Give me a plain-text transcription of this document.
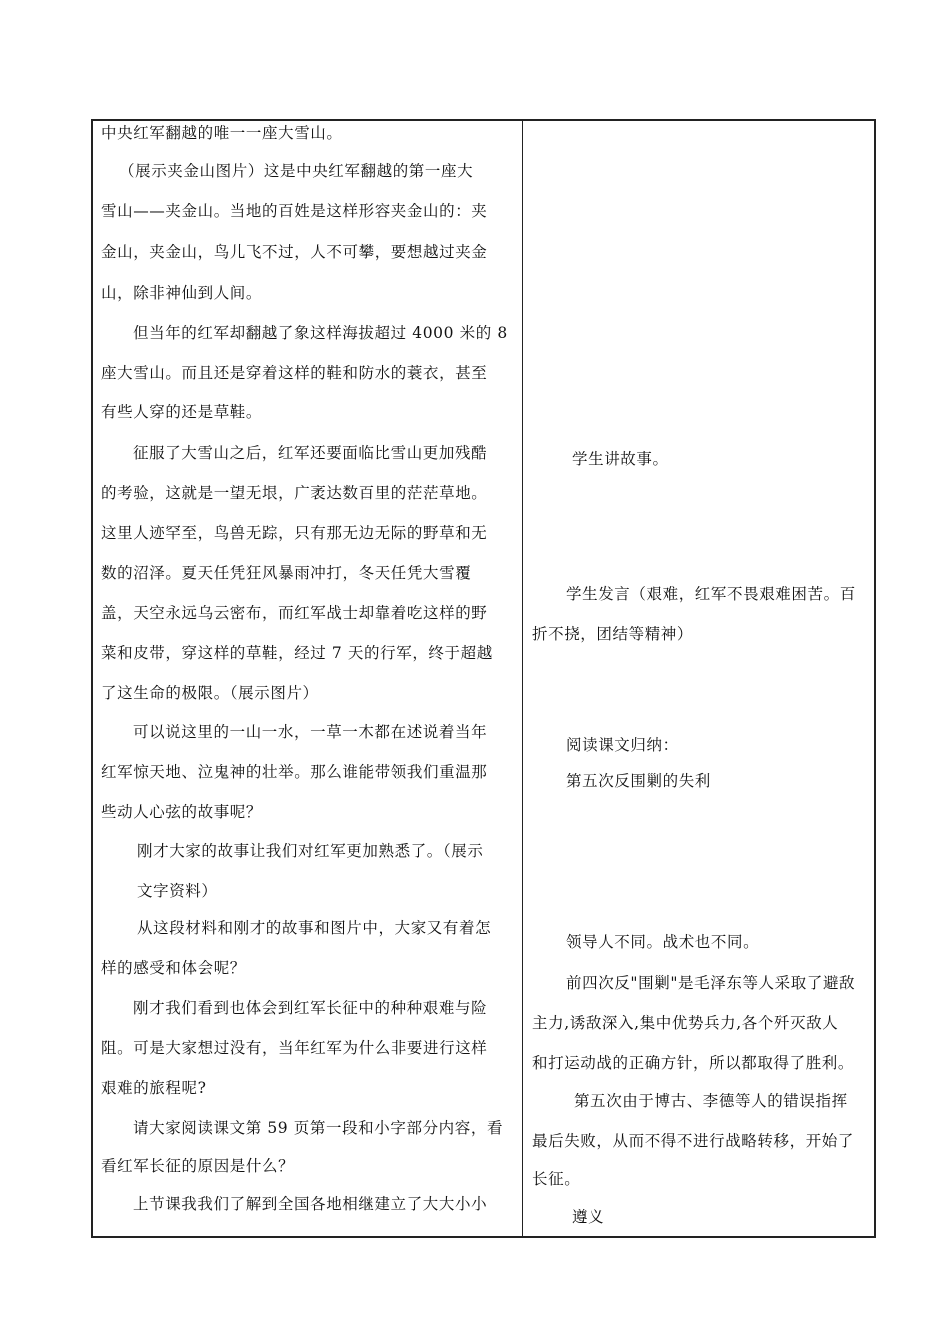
中央红军翻越的唯一一座大雪山。
（展示夹金山图片）这是中央红军翻越的第一座大
雪山——夹金山。当地的百姓是这样形容夹金山的：夹
金山，夹金山，鸟儿飞不过，人不可攀，要想越过夹金
山，除非神仙到人间。
但当年的红军却翻越了象这样海拔超过 4000 米的 8
座大雪山。而且还是穿着这样的鞋和防水的蓑衣，甚至
有些人穿的还是草鞋。
征服了大雪山之后，红军还要面临比雪山更加残酷
的考验，这就是一望无垠，广袤达数百里的茫茫草地。
这里人迹罕至，鸟兽无踪，只有那无边无际的野草和无
数的沼泽。夏天任凭狂风暴雨冲打，冬天任凭大雪覆
盖，天空永远乌云密布，而红军战士却靠着吃这样的野
菜和皮带，穿这样的草鞋，经过 7 天的行军，终于超越
了这生命的极限。（展示图片）
可以说这里的一山一水，一草一木都在述说着当年
红军惊天地、泣鬼神的壮举。那么谁能带领我们重温那
些动人心弦的故事呢？
刚才大家的故事让我们对红军更加熟悉了。（展示
文字资料）
从这段材料和刚才的故事和图片中，大家又有着怎
样的感受和体会呢？
刚才我们看到也体会到红军长征中的种种艰难与险
阻。可是大家想过没有，当年红军为什么非要进行这样
艰难的旅程呢?
请大家阅读课文第 59 页第一段和小字部分内容，看
看红军长征的原因是什么？
上节课我我们了解到全国各地相继建立了大大小小
学生讲故事。
学生发言（艰难，红军不畏艰难困苦。百
折不挠，团结等精神）
阅读课文归纳：
第五次反围剿的失利
领导人不同。战术也不同。
前四次反"围剿"是毛泽东等人采取了避敌
主力,诱敌深入,集中优势兵力,各个歼灭敌人
和打运动战的正确方针，所以都取得了胜利。
第五次由于博古、李德等人的错误指挥
最后失败，从而不得不进行战略转移，开始了
长征。
遵义
